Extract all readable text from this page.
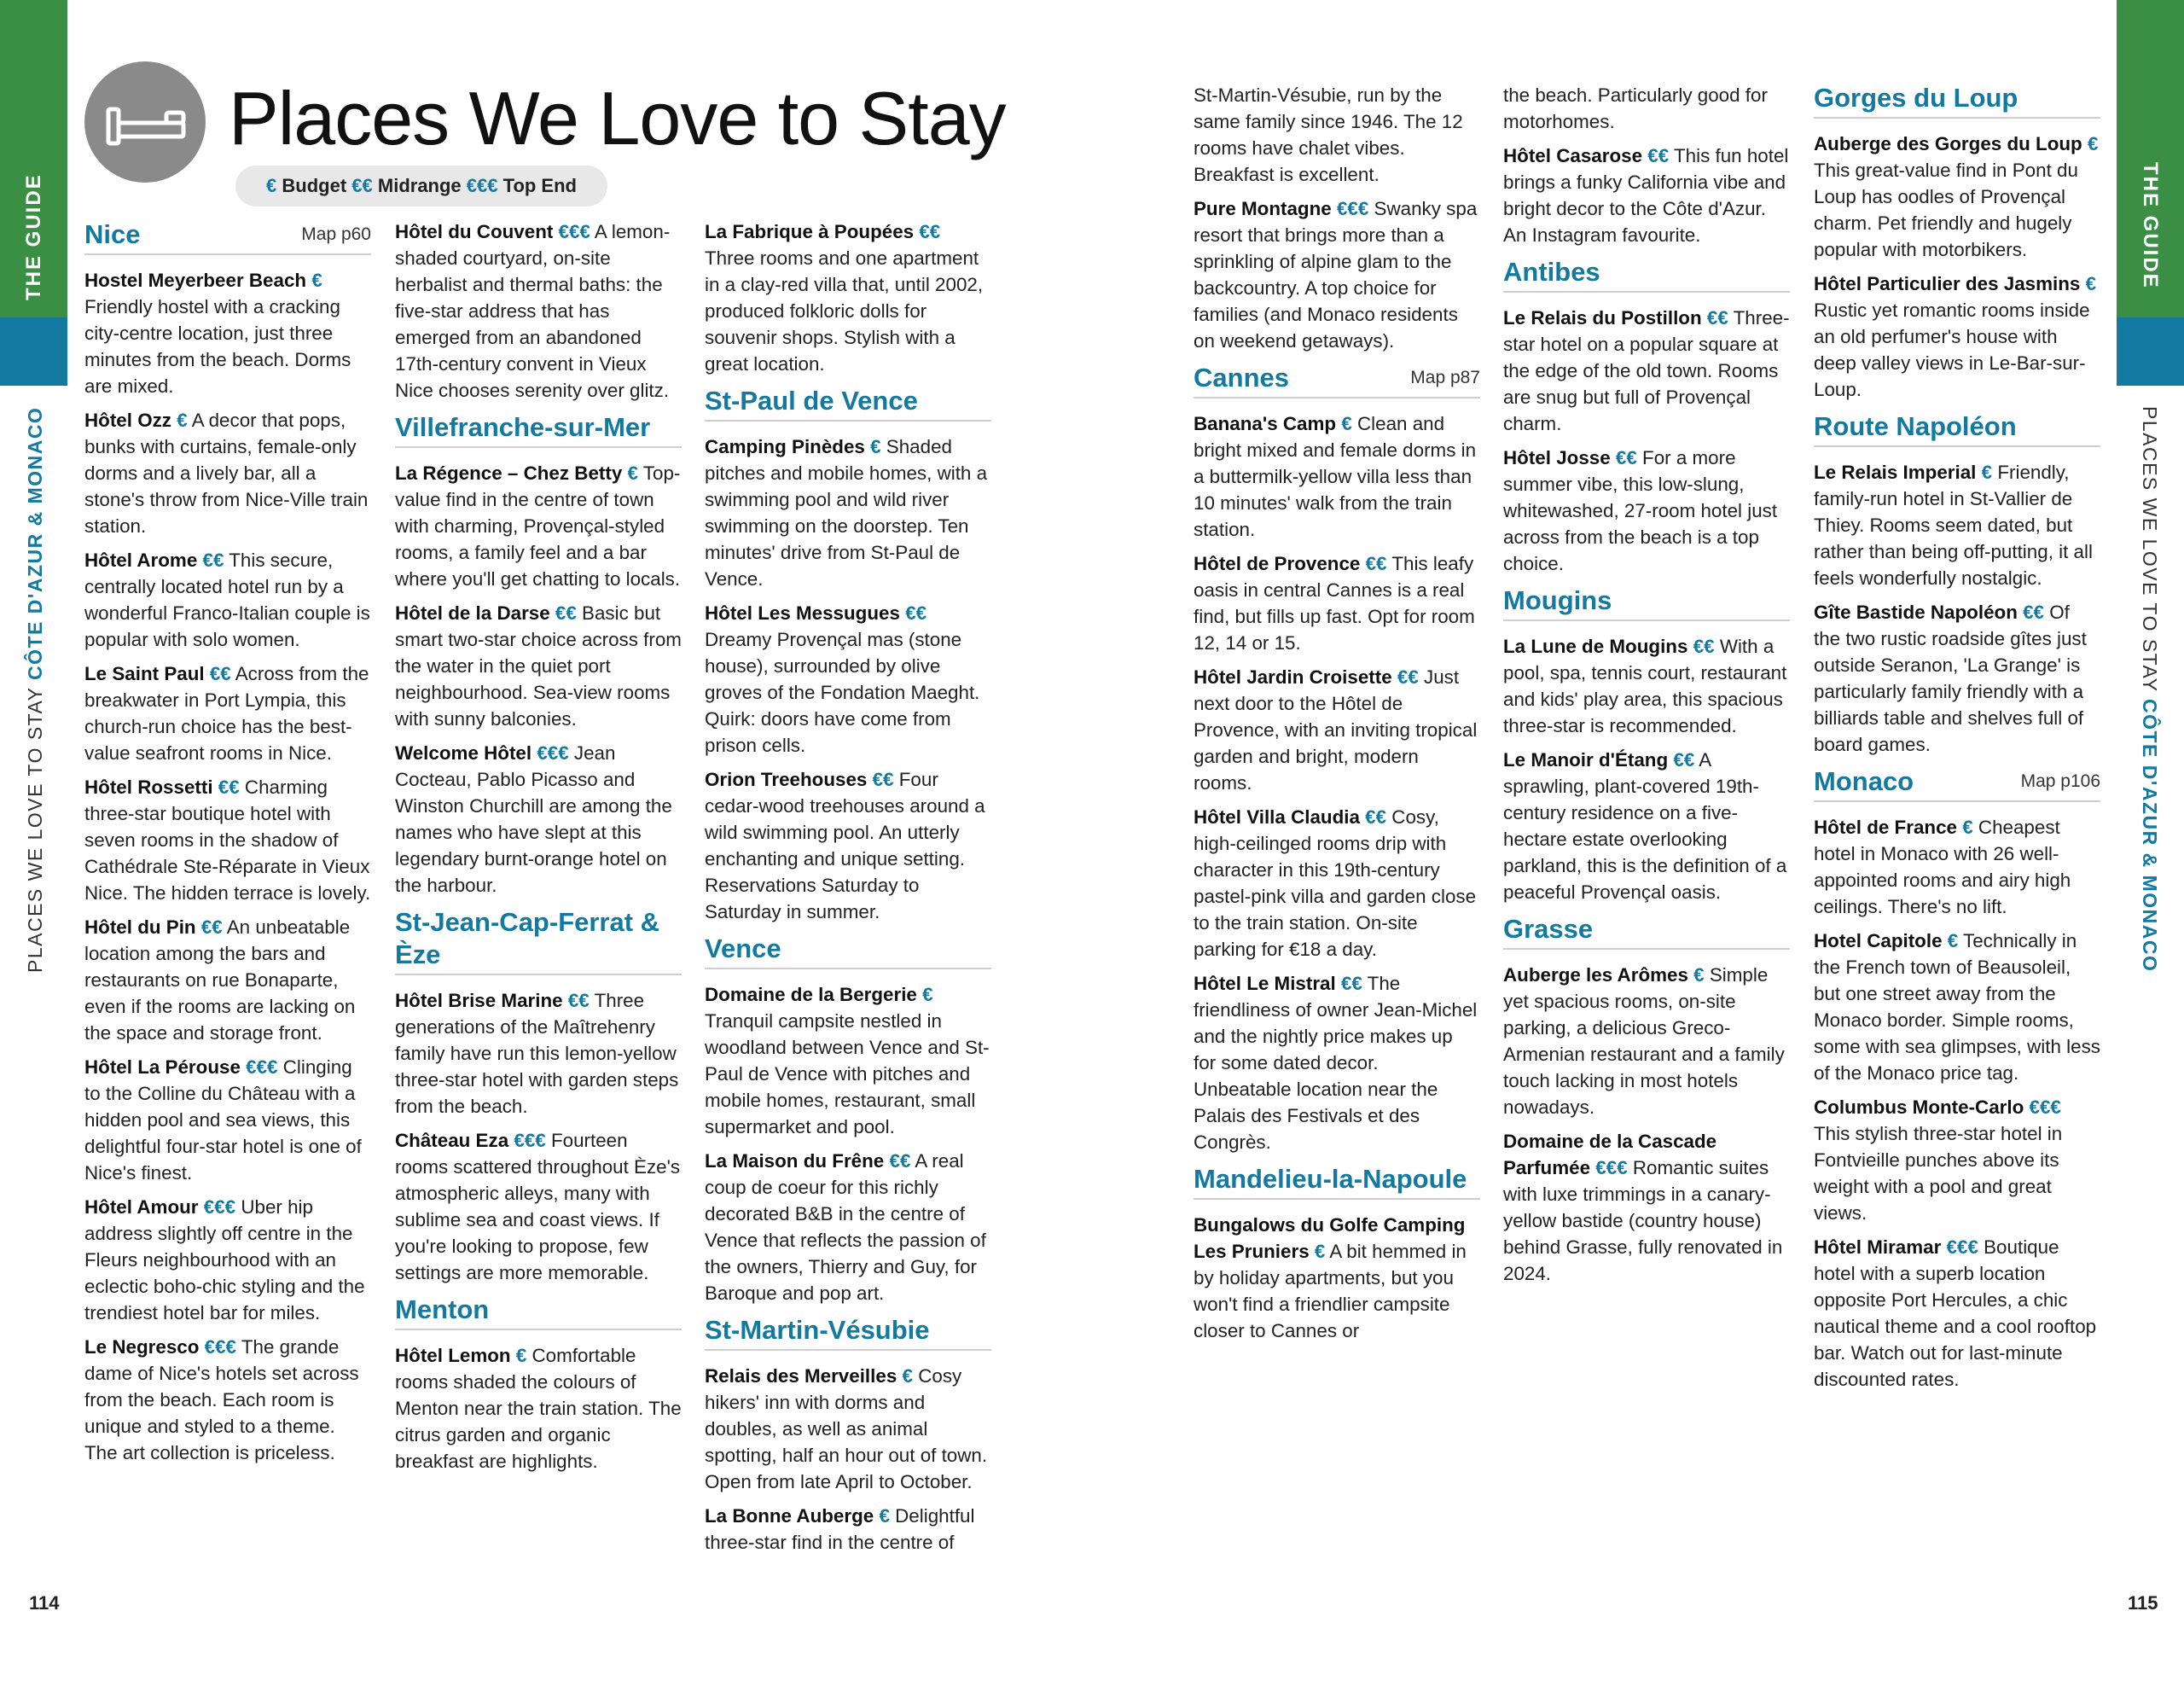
THE GUIDE
PLACES WE LOVE TO STAY CÔTE D'AZUR & MONACO
THE GUIDE
PLACES WE LOVE TO STAY CÔTE D'AZUR & MONACO
Places We Love to Stay
€ Budget €€ Midrange €€€ Top End
Nice	Map p60
Hostel Meyerbeer Beach € Friendly hostel with a cracking city-centre location, just three minutes from the beach. Dorms are mixed.
Hôtel Ozz € A decor that pops, bunks with curtains, female-only dorms and a lively bar, all a stone's throw from Nice-Ville train station.
Hôtel Arome €€ This secure, centrally located hotel run by a wonderful Franco-Italian couple is popular with solo women.
Le Saint Paul €€ Across from the breakwater in Port Lympia, this church-run choice has the best-value seafront rooms in Nice.
Hôtel Rossetti €€ Charming three-star boutique hotel with seven rooms in the shadow of Cathédrale Ste-Réparate in Vieux Nice. The hidden terrace is lovely.
Hôtel du Pin €€ An unbeatable location among the bars and restaurants on rue Bonaparte, even if the rooms are lacking on the space and storage front.
Hôtel La Pérouse €€€ Clinging to the Colline du Château with a hidden pool and sea views, this delightful four-star hotel is one of Nice's finest.
Hôtel Amour €€€ Uber hip address slightly off centre in the Fleurs neighbourhood with an eclectic boho-chic styling and the trendiest hotel bar for miles.
Le Negresco €€€ The grande dame of Nice's hotels set across from the beach. Each room is unique and styled to a theme. The art collection is priceless.
Hôtel du Couvent €€€ A lemon-shaded courtyard, on-site herbalist and thermal baths: the five-star address that has emerged from an abandoned 17th-century convent in Vieux Nice chooses serenity over glitz.
Villefranche-sur-Mer
La Régence – Chez Betty € Top-value find in the centre of town with charming, Provençal-styled rooms, a family feel and a bar where you'll get chatting to locals.
Hôtel de la Darse €€ Basic but smart two-star choice across from the water in the quiet port neighbourhood. Sea-view rooms with sunny balconies.
Welcome Hôtel €€€ Jean Cocteau, Pablo Picasso and Winston Churchill are among the names who have slept at this legendary burnt-orange hotel on the harbour.
St-Jean-Cap-Ferrat & Èze
Hôtel Brise Marine €€ Three generations of the Maîtrehenry family have run this lemon-yellow three-star hotel with garden steps from the beach.
Château Eza €€€ Fourteen rooms scattered throughout Èze's atmospheric alleys, many with sublime sea and coast views. If you're looking to propose, few settings are more memorable.
Menton
Hôtel Lemon € Comfortable rooms shaded the colours of Menton near the train station. The citrus garden and organic breakfast are highlights.
La Fabrique à Poupées €€ Three rooms and one apartment in a clay-red villa that, until 2002, produced folkloric dolls for souvenir shops. Stylish with a great location.
St-Paul de Vence
Camping Pinèdes € Shaded pitches and mobile homes, with a swimming pool and wild river swimming on the doorstep. Ten minutes' drive from St-Paul de Vence.
Hôtel Les Messugues €€ Dreamy Provençal mas (stone house), surrounded by olive groves of the Fondation Maeght. Quirk: doors have come from prison cells.
Orion Treehouses €€ Four cedar-wood treehouses around a wild swimming pool. An utterly enchanting and unique setting. Reservations Saturday to Saturday in summer.
Vence
Domaine de la Bergerie € Tranquil campsite nestled in woodland between Vence and St-Paul de Vence with pitches and mobile homes, restaurant, small supermarket and pool.
La Maison du Frêne €€ A real coup de coeur for this richly decorated B&B in the centre of Vence that reflects the passion of the owners, Thierry and Guy, for Baroque and pop art.
St-Martin-Vésubie
Relais des Merveilles € Cosy hikers' inn with dorms and doubles, as well as animal spotting, half an hour out of town. Open from late April to October.
La Bonne Auberge € Delightful three-star find in the centre of
St-Martin-Vésubie, run by the same family since 1946. The 12 rooms have chalet vibes. Breakfast is excellent.
Pure Montagne €€€ Swanky spa resort that brings more than a sprinkling of alpine glam to the backcountry. A top choice for families (and Monaco residents on weekend getaways).
Cannes	Map p87
Banana's Camp € Clean and bright mixed and female dorms in a buttermilk-yellow villa less than 10 minutes' walk from the train station.
Hôtel de Provence €€ This leafy oasis in central Cannes is a real find, but fills up fast. Opt for room 12, 14 or 15.
Hôtel Jardin Croisette €€ Just next door to the Hôtel de Provence, with an inviting tropical garden and bright, modern rooms.
Hôtel Villa Claudia €€ Cosy, high-ceilinged rooms drip with character in this 19th-century pastel-pink villa and garden close to the train station. On-site parking for €18 a day.
Hôtel Le Mistral €€ The friendliness of owner Jean-Michel and the nightly price makes up for some dated decor. Unbeatable location near the Palais des Festivals et des Congrès.
Mandelieu-la-Napoule
Bungalows du Golfe Camping Les Pruniers € A bit hemmed in by holiday apartments, but you won't find a friendlier campsite closer to Cannes or
the beach. Particularly good for motorhomes.
Hôtel Casarose €€ This fun hotel brings a funky California vibe and bright decor to the Côte d'Azur. An Instagram favourite.
Antibes
Le Relais du Postillon €€ Three-star hotel on a popular square at the edge of the old town. Rooms are snug but full of Provençal charm.
Hôtel Josse €€ For a more summer vibe, this low-slung, whitewashed, 27-room hotel just across from the beach is a top choice.
Mougins
La Lune de Mougins €€ With a pool, spa, tennis court, restaurant and kids' play area, this spacious three-star is recommended.
Le Manoir d'Étang €€ A sprawling, plant-covered 19th-century residence on a five-hectare estate overlooking parkland, this is the definition of a peaceful Provençal oasis.
Grasse
Auberge les Arômes € Simple yet spacious rooms, on-site parking, a delicious Greco-Armenian restaurant and a family touch lacking in most hotels nowadays.
Domaine de la Cascade Parfumée €€€ Romantic suites with luxe trimmings in a canary-yellow bastide (country house) behind Grasse, fully renovated in 2024.
Gorges du Loup
Auberge des Gorges du Loup € This great-value find in Pont du Loup has oodles of Provençal charm. Pet friendly and hugely popular with motorbikers.
Hôtel Particulier des Jasmins € Rustic yet romantic rooms inside an old perfumer's house with deep valley views in Le-Bar-sur-Loup.
Route Napoléon
Le Relais Imperial € Friendly, family-run hotel in St-Vallier de Thiey. Rooms seem dated, but rather than being off-putting, it all feels wonderfully nostalgic.
Gîte Bastide Napoléon €€ Of the two rustic roadside gîtes just outside Seranon, 'La Grange' is particularly family friendly with a billiards table and shelves full of board games.
Monaco	Map p106
Hôtel de France € Cheapest hotel in Monaco with 26 well-appointed rooms and airy high ceilings. There's no lift.
Hotel Capitole € Technically in the French town of Beausoleil, but one street away from the Monaco border. Simple rooms, some with sea glimpses, with less of the Monaco price tag.
Columbus Monte-Carlo €€€ This stylish three-star hotel in Fontvieille punches above its weight with a pool and great views.
Hôtel Miramar €€€ Boutique hotel with a superb location opposite Port Hercules, a chic nautical theme and a cool rooftop bar. Watch out for last-minute discounted rates.
114	115
